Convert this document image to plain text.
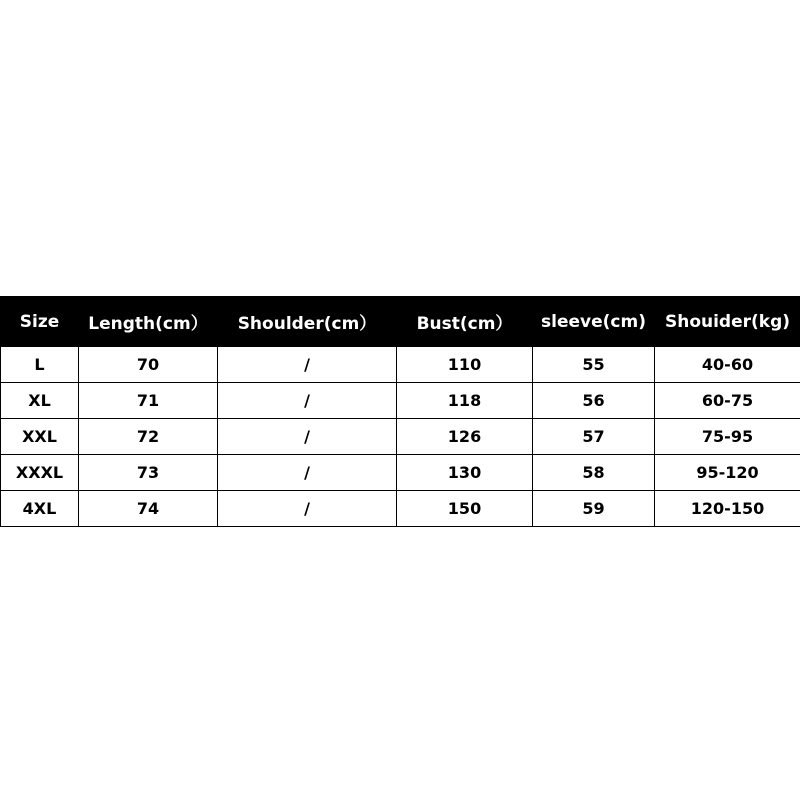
Size	Length(cm）	Shoulder(cm）	Bust(cm）	sleeve(cm)	Shouider(kg)
L	70	/	110	55	40-60
XL	71	/	118	56	60-75
XXL	72	/	126	57	75-95
XXXL	73	/	130	58	95-120
4XL	74	/	150	59	120-150
